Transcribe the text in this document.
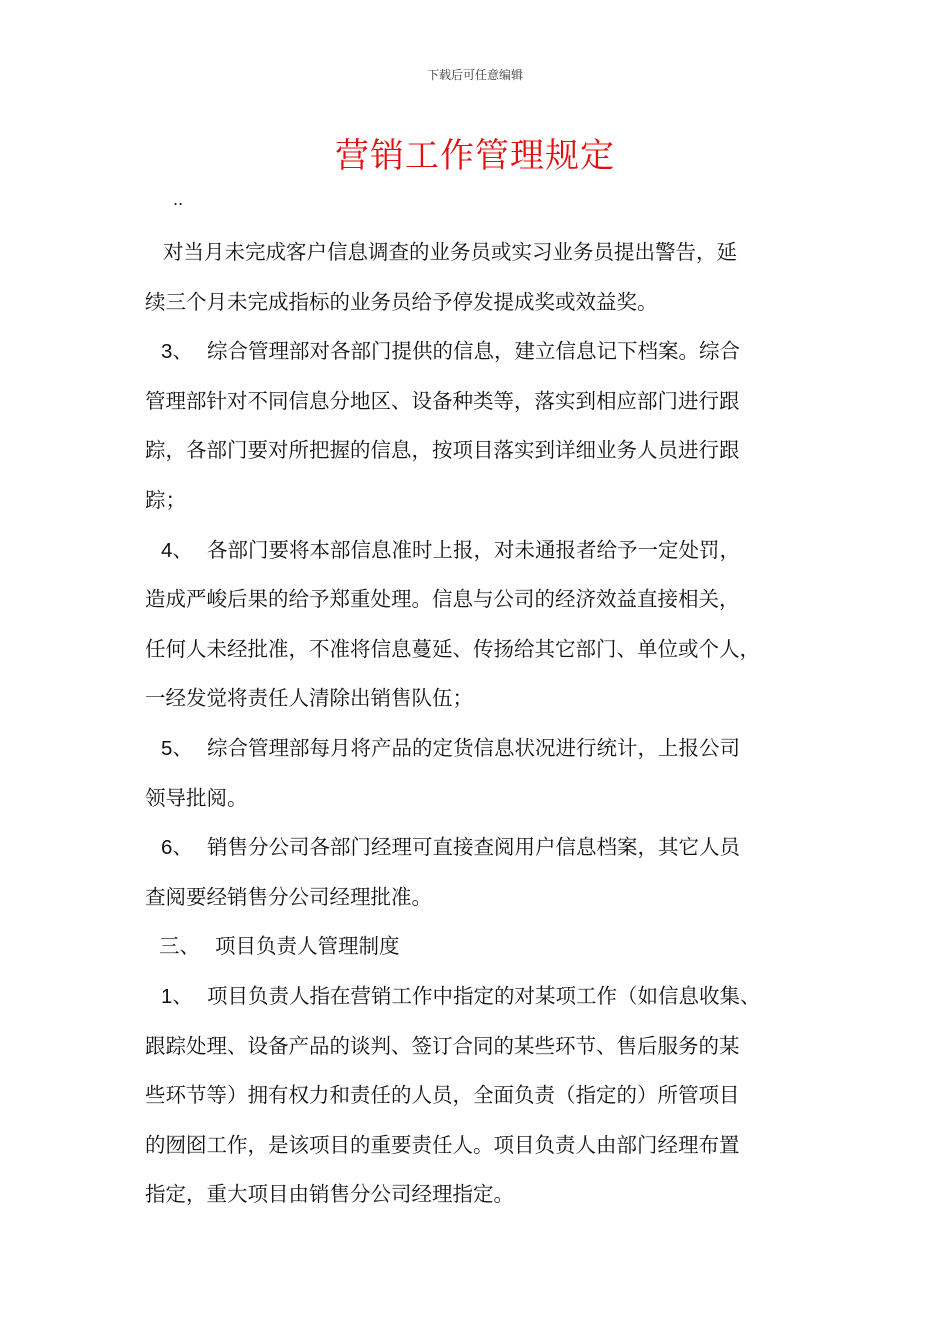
下载后可任意编辑
营销工作管理规定
..
对当月未完成客户信息调查的业务员或实习业务员提出警告，延
续三个月未完成指标的业务员给予停发提成奖或效益奖。
3、 综合管理部对各部门提供的信息，建立信息记下档案。综合
管理部针对不同信息分地区、设备种类等，落实到相应部门进行跟
踪，各部门要对所把握的信息，按项目落实到详细业务人员进行跟
踪；
4、 各部门要将本部信息准时上报，对未通报者给予一定处罚，
造成严峻后果的给予郑重处理。信息与公司的经济效益直接相关，
任何人未经批准，不准将信息蔓延、传扬给其它部门、单位或个人，
一经发觉将责任人清除出销售队伍；
5、 综合管理部每月将产品的定货信息状况进行统计，上报公司
领导批阅。
6、 销售分公司各部门经理可直接查阅用户信息档案，其它人员
查阅要经销售分公司经理批准。
三、 项目负责人管理制度
1、 项目负责人指在营销工作中指定的对某项工作（如信息收集、
跟踪处理、设备产品的谈判、签订合同的某些环节、售后服务的某
些环节等）拥有权力和责任的人员，全面负责（指定的）所管项目
的囫囵工作，是该项目的重要责任人。项目负责人由部门经理布置
指定，重大项目由销售分公司经理指定。
